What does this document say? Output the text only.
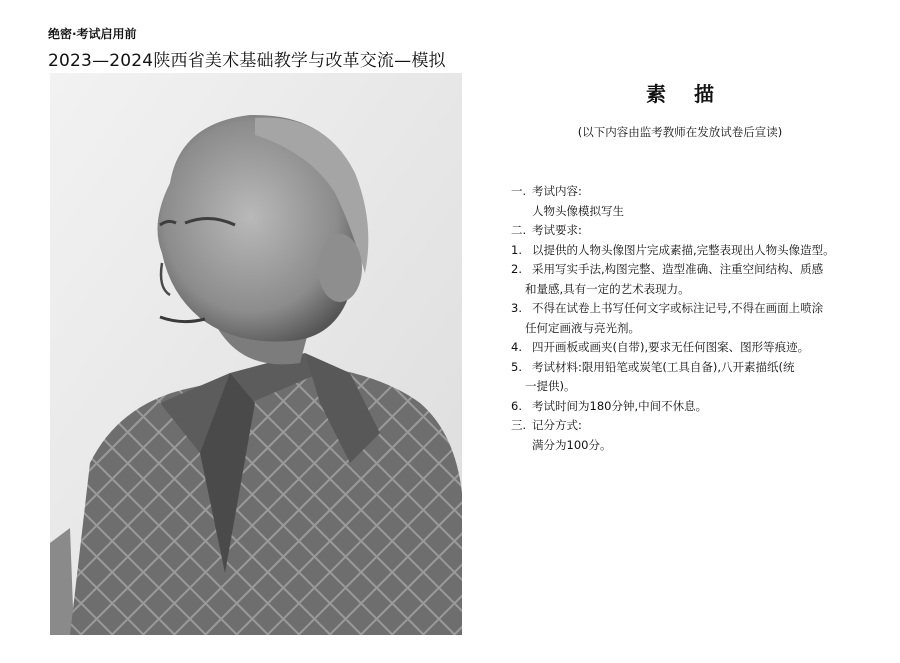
绝密·考试启用前
2023—2024陕西省美术基础教学与改革交流—模拟
素描
(以下内容由监考教师在发放试卷后宣读)
一. 考试内容:
人物头像模拟写生
二. 考试要求:
1. 以提供的人物头像图片完成素描,完整表现出人物头像造型。
2. 采用写实手法,构图完整、造型准确、注重空间结构、质感
和量感,具有一定的艺术表现力。
3. 不得在试卷上书写任何文字或标注记号,不得在画面上喷涂
任何定画液与亮光剂。
4. 四开画板或画夹(自带),要求无任何图案、图形等痕迹。
5. 考试材料:限用铅笔或炭笔(工具自备),八开素描纸(统
一提供)。
6. 考试时间为180分钟,中间不休息。
三. 记分方式:
满分为100分。
